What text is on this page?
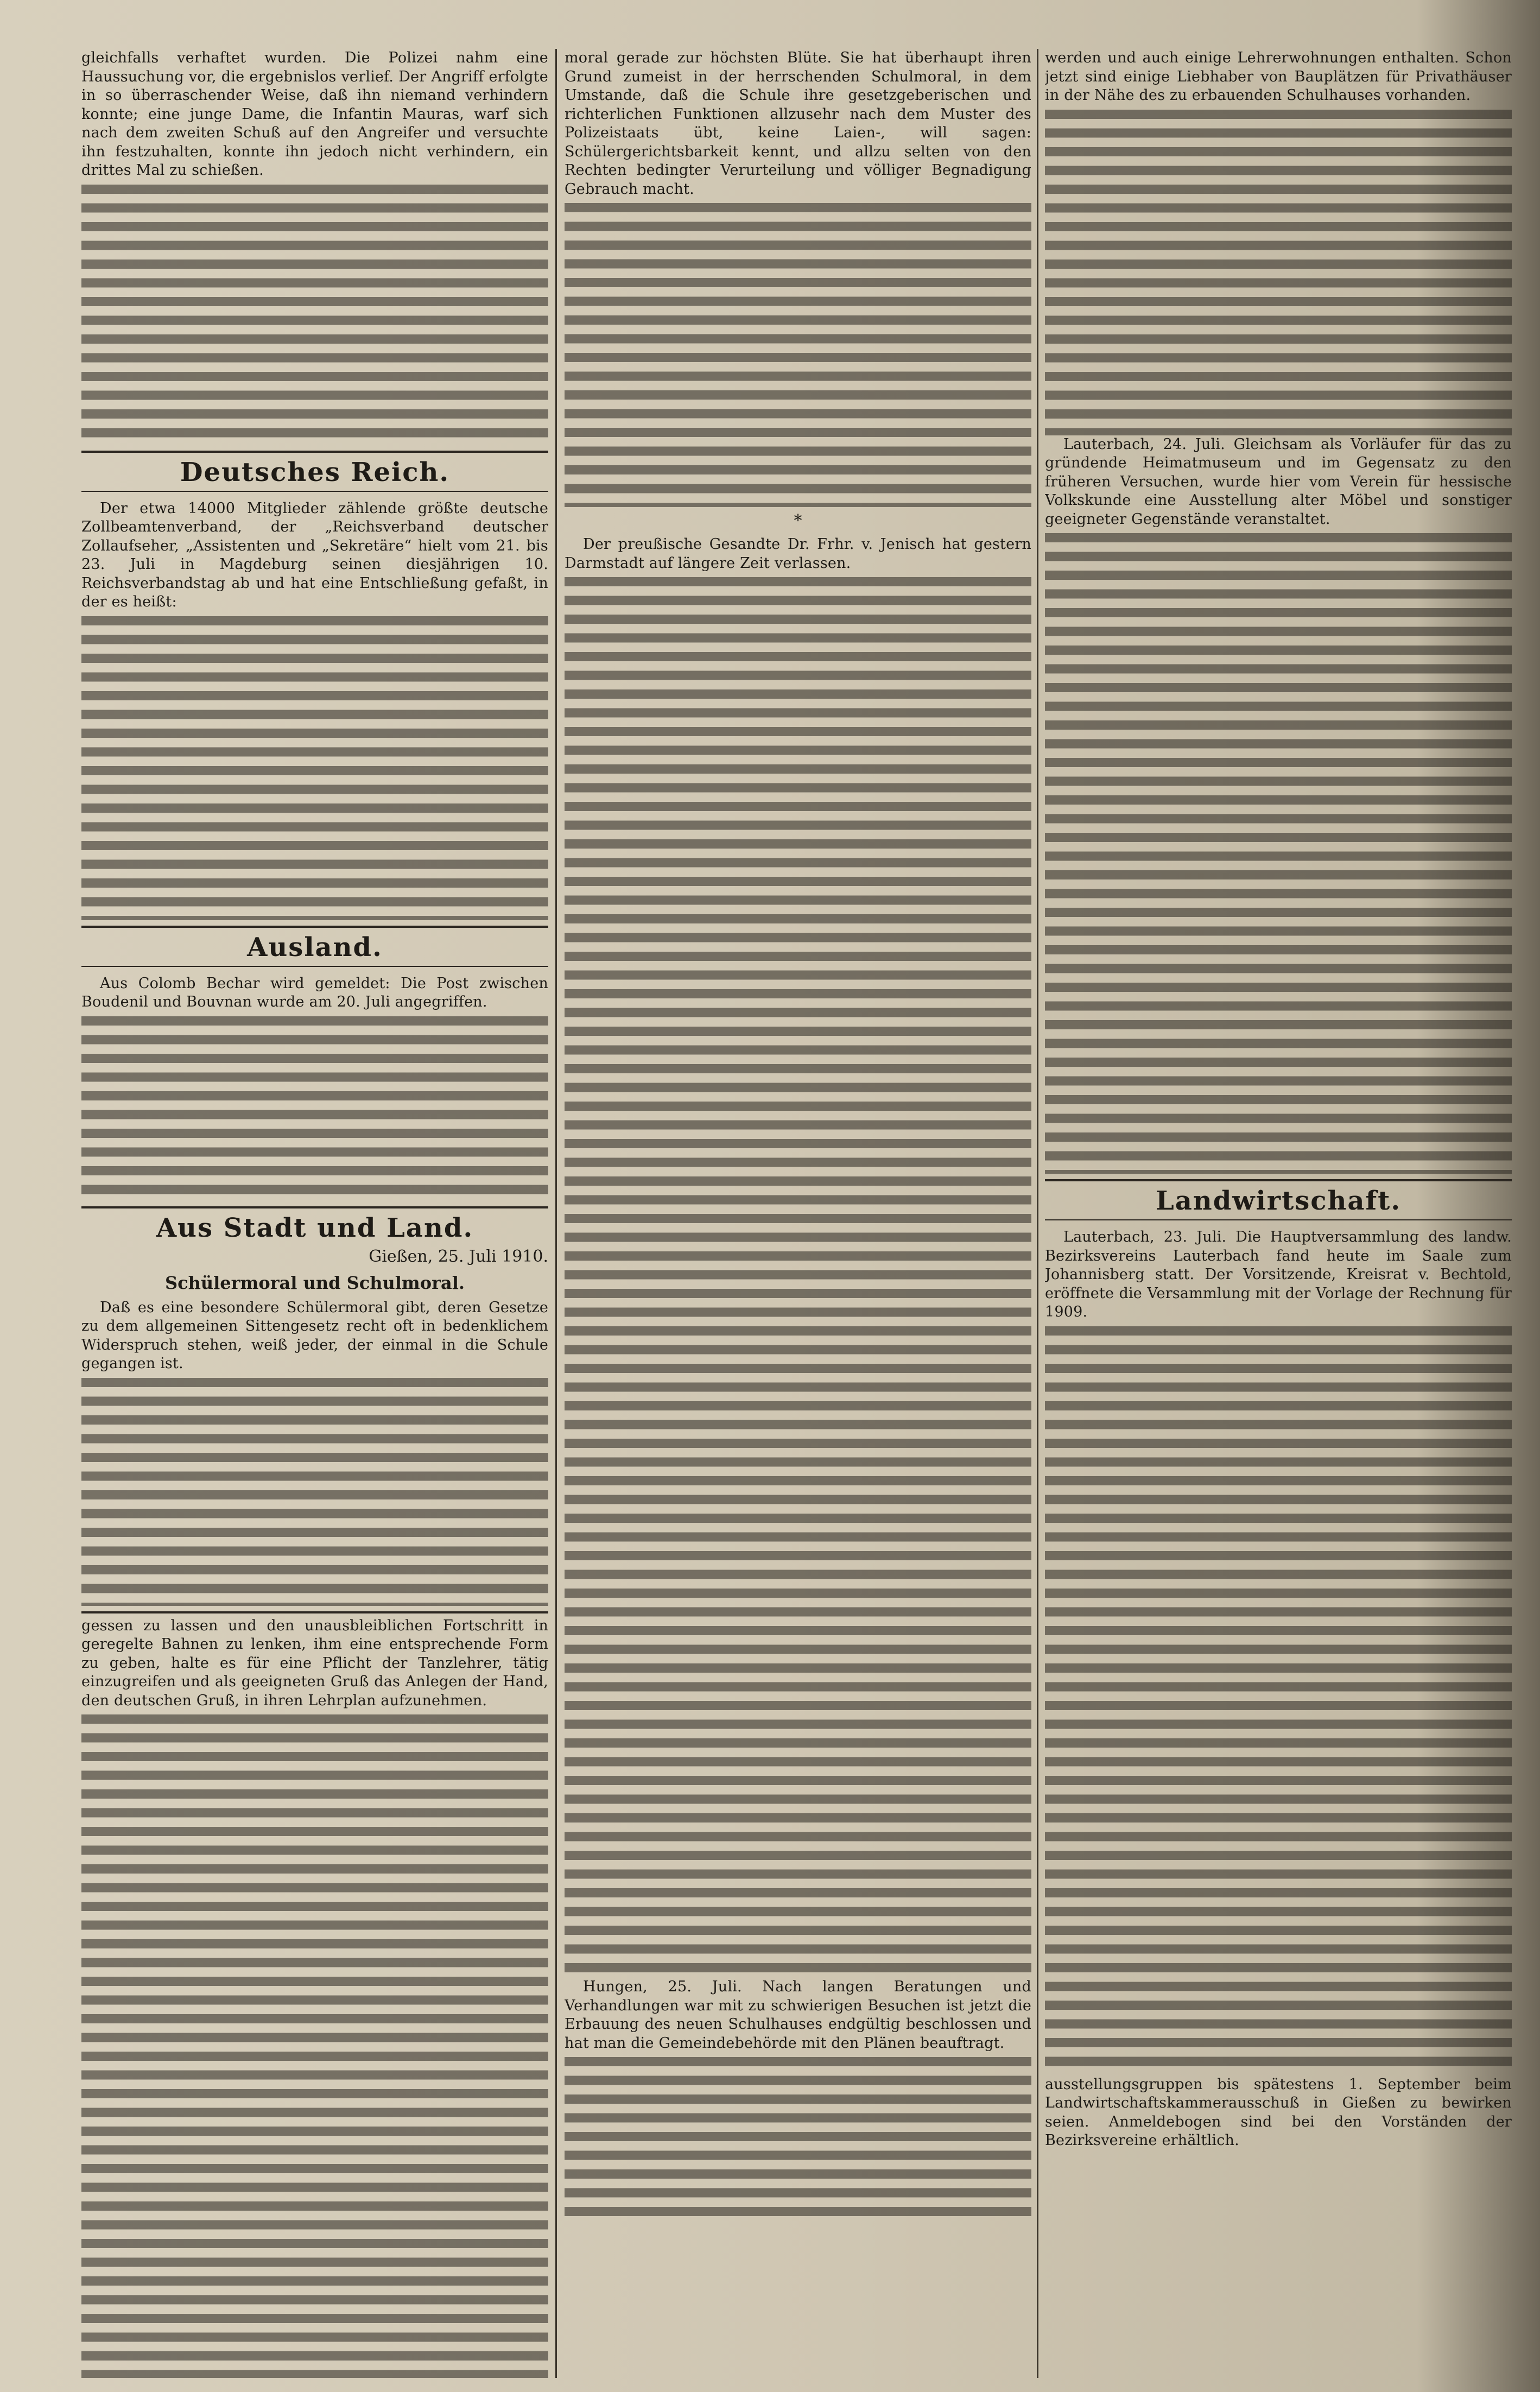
gleichfalls verhaftet wurden. Die Polizei nahm eine Haussuchung vor, die ergebnislos verlief. Der Angriff erfolgte in so überraschender Weise, daß ihn niemand verhindern konnte; eine junge Dame, die Infantin Mauras, warf sich nach dem zweiten Schuß auf den Angreifer und versuchte ihn festzuhalten, konnte ihn jedoch nicht verhindern, ein drittes Mal zu schießen.

Deutsches Reich.

Der etwa 14000 Mitglieder zählende größte deutsche Zollbeamtenverband, der „Reichsverband deutscher Zollaufseher, „Assistenten und „Sekretäre“ hielt vom 21. bis 23. Juli in Magdeburg seinen diesjährigen 10. Reichsverbandstag ab und hat eine Entschließung gefaßt, in der es heißt:

Ausland.

Aus Colomb Bechar wird gemeldet: Die Post zwischen Boudenil und Bouvnan wurde am 20. Juli angegriffen.

Aus Stadt und Land.
Gießen, 25. Juli 1910.
Schülermoral und Schulmoral.

Daß es eine besondere Schülermoral gibt, deren Gesetze zu dem allgemeinen Sittengesetz recht oft in bedenklichem Widerspruch stehen, weiß jeder, der einmal in die Schule gegangen ist.

gessen zu lassen und den unausbleiblichen Fortschritt in geregelte Bahnen zu lenken, ihm eine entsprechende Form zu geben, halte es für eine Pflicht der Tanzlehrer, tätig einzugreifen und als geeigneten Gruß das Anlegen der Hand, den deutschen Gruß, in ihren Lehrplan aufzunehmen.

moral gerade zur höchsten Blüte. Sie hat überhaupt ihren Grund zumeist in der herrschenden Schulmoral, in dem Umstande, daß die Schule ihre gesetzgeberischen und richterlichen Funktionen allzusehr nach dem Muster des Polizeistaats übt, keine Laien-, will sagen: Schülergerichtsbarkeit kennt, und allzu selten von den Rechten bedingter Verurteilung und völliger Begnadigung Gebrauch macht.

*

Der preußische Gesandte Dr. Frhr. v. Jenisch hat gestern Darmstadt auf längere Zeit verlassen.

Hungen, 25. Juli. Nach langen Beratungen und Verhandlungen war mit zu schwierigen Besuchen ist jetzt die Erbauung des neuen Schulhauses endgültig beschlossen und hat man die Gemeindebehörde mit den Plänen beauftragt.

werden und auch einige Lehrerwohnungen enthalten. Schon jetzt sind einige Liebhaber von Bauplätzen für Privathäuser in der Nähe des zu erbauenden Schulhauses vorhanden.

Lauterbach, 24. Juli. Gleichsam als Vorläufer für das zu gründende Heimatmuseum und im Gegensatz zu den früheren Versuchen, wurde hier vom Verein für hessische Volkskunde eine Ausstellung alter Möbel und sonstiger geeigneter Gegenstände veranstaltet.

Landwirtschaft.

Lauterbach, 23. Juli. Die Hauptversammlung des landw. Bezirksvereins Lauterbach fand heute im Saale zum Johannisberg statt. Der Vorsitzende, Kreisrat v. Bechtold, eröffnete die Versammlung mit der Vorlage der Rechnung für 1909.

ausstellungsgruppen bis spätestens 1. September beim Landwirtschaftskammerausschuß in Gießen zu bewirken seien. Anmeldebogen sind bei den Vorständen der Bezirksvereine erhältlich.
